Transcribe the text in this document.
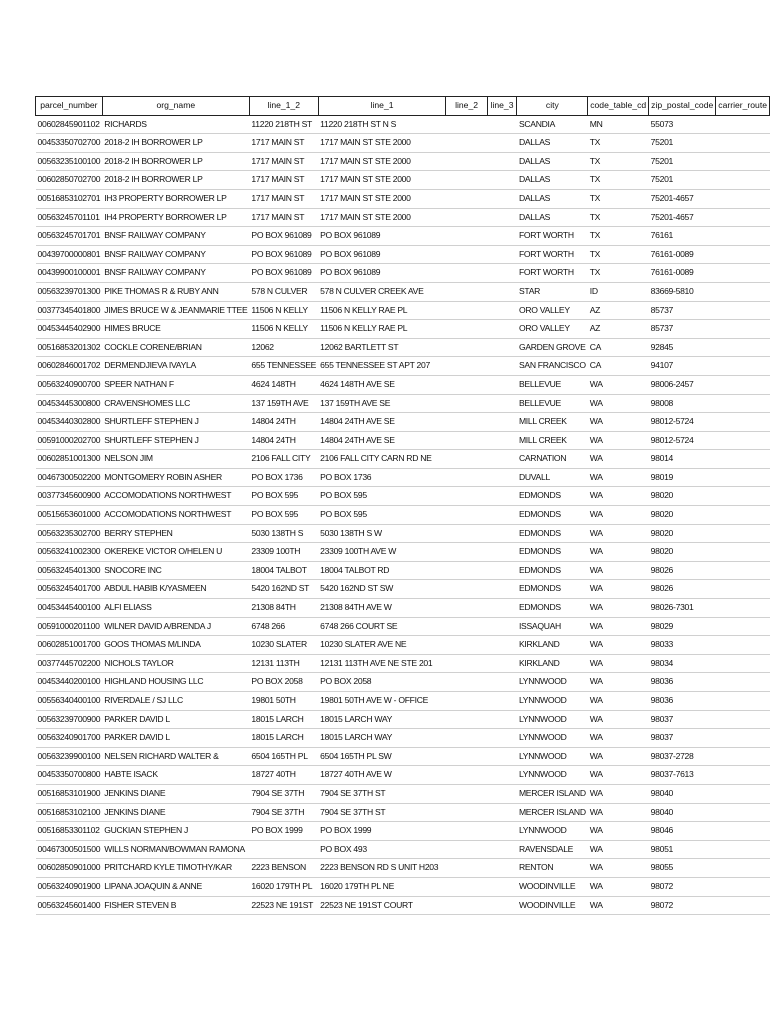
parcel_number	org_name	line_1_2	line_1	line_2	line_3	city	code_table_cd	zip_postal_code	carrier_route
00602845901102	RICHARDS	11220 218TH ST	11220 218TH ST N S			SCANDIA	MN	55073	
00453350702700	2018-2 IH BORROWER LP	1717 MAIN ST	1717 MAIN ST STE 2000			DALLAS	TX	75201	
00563235100100	2018-2 IH BORROWER LP	1717 MAIN ST	1717 MAIN ST STE 2000			DALLAS	TX	75201	
00602850702700	2018-2 IH BORROWER LP	1717 MAIN ST	1717 MAIN ST STE 2000			DALLAS	TX	75201	
00516853102701	IH3 PROPERTY BORROWER LP	1717 MAIN ST	1717 MAIN ST STE 2000			DALLAS	TX	75201-4657	
00563245701101	IH4 PROPERTY BORROWER LP	1717 MAIN ST	1717 MAIN ST STE 2000			DALLAS	TX	75201-4657	
00563245701701	BNSF RAILWAY COMPANY	PO BOX 961089	PO BOX 961089			FORT WORTH	TX	76161	
00439700000801	BNSF RAILWAY COMPANY	PO BOX 961089	PO BOX 961089			FORT WORTH	TX	76161-0089	
00439900100001	BNSF RAILWAY COMPANY	PO BOX 961089	PO BOX 961089			FORT WORTH	TX	76161-0089	
00563239701300	PIKE THOMAS R & RUBY ANN	578 N CULVER	578 N CULVER CREEK AVE			STAR	ID	83669-5810	
00377345401800	JIMES BRUCE W & JEANMARIE TTEE	11506 N KELLY	11506 N KELLY RAE PL			ORO VALLEY	AZ	85737	
00453445402900	HIMES BRUCE	11506 N KELLY	11506 N KELLY RAE PL			ORO VALLEY	AZ	85737	
00516853201302	COCKLE CORENE/BRIAN	12062	12062 BARTLETT ST			GARDEN GROVE	CA	92845	
00602846001702	DERMENDJIEVA IVAYLA	655 TENNESSEE	655 TENNESSEE ST APT 207			SAN FRANCISCO	CA	94107	
00563240900700	SPEER NATHAN F	4624 148TH	4624 148TH AVE SE			BELLEVUE	WA	98006-2457	
00453445300800	CRAVENSHOMES LLC	137 159TH AVE	137 159TH AVE SE			BELLEVUE	WA	98008	
00453440302800	SHURTLEFF STEPHEN J	14804 24TH	14804 24TH AVE SE			MILL CREEK	WA	98012-5724	
00591000202700	SHURTLEFF STEPHEN J	14804 24TH	14804 24TH AVE SE			MILL CREEK	WA	98012-5724	
00602851001300	NELSON JIM	2106 FALL CITY	2106 FALL CITY CARN RD NE			CARNATION	WA	98014	
00467300502200	MONTGOMERY ROBIN ASHER	PO BOX 1736	PO BOX 1736			DUVALL	WA	98019	
00377345600900	ACCOMODATIONS NORTHWEST	PO BOX 595	PO BOX 595			EDMONDS	WA	98020	
00515653601000	ACCOMODATIONS NORTHWEST	PO BOX 595	PO BOX 595			EDMONDS	WA	98020	
00563235302700	BERRY STEPHEN	5030 138TH S	5030 138TH S W			EDMONDS	WA	98020	
00563241002300	OKEREKE VICTOR O/HELEN U	23309 100TH	23309 100TH AVE W			EDMONDS	WA	98020	
00563245401300	SNOCORE INC	18004 TALBOT	18004 TALBOT RD			EDMONDS	WA	98026	
00563245401700	ABDUL HABIB K/YASMEEN	5420 162ND ST	5420 162ND ST SW			EDMONDS	WA	98026	
00453445400100	ALFI ELIASS	21308 84TH	21308 84TH AVE W			EDMONDS	WA	98026-7301	
00591000201100	WILNER DAVID A/BRENDA J	6748 266	6748 266 COURT SE			ISSAQUAH	WA	98029	
00602851001700	GOOS THOMAS M/LINDA	10230 SLATER	10230 SLATER AVE NE			KIRKLAND	WA	98033	
00377445702200	NICHOLS TAYLOR	12131 113TH	12131 113TH AVE NE STE 201			KIRKLAND	WA	98034	
00453440200100	HIGHLAND HOUSING LLC	PO BOX 2058	PO BOX 2058			LYNNWOOD	WA	98036	
00556340400100	RIVERDALE / SJ LLC	19801 50TH	19801 50TH AVE W - OFFICE			LYNNWOOD	WA	98036	
00563239700900	PARKER DAVID L	18015 LARCH	18015 LARCH WAY			LYNNWOOD	WA	98037	
00563240901700	PARKER DAVID L	18015 LARCH	18015 LARCH WAY			LYNNWOOD	WA	98037	
00563239900100	NELSEN RICHARD WALTER &	6504 165TH PL	6504 165TH PL SW			LYNNWOOD	WA	98037-2728	
00453350700800	HABTE ISACK	18727 40TH	18727 40TH AVE W			LYNNWOOD	WA	98037-7613	
00516853101900	JENKINS DIANE	7904 SE 37TH	7904 SE 37TH ST			MERCER ISLAND	WA	98040	
00516853102100	JENKINS DIANE	7904 SE 37TH	7904 SE 37TH ST			MERCER ISLAND	WA	98040	
00516853301102	GUCKIAN STEPHEN J	PO BOX 1999	PO BOX 1999			LYNNWOOD	WA	98046	
00467300501500	WILLS NORMAN/BOWMAN RAMONA		PO BOX 493			RAVENSDALE	WA	98051	
00602850901000	PRITCHARD KYLE TIMOTHY/KAR	2223 BENSON	2223 BENSON RD S UNIT H203			RENTON	WA	98055	
00563240901900	LIPANA JOAQUIN & ANNE	16020 179TH PL	16020 179TH PL NE			WOODINVILLE	WA	98072	
00563245601400	FISHER STEVEN B	22523 NE 191ST	22523 NE 191ST COURT			WOODINVILLE	WA	98072	
